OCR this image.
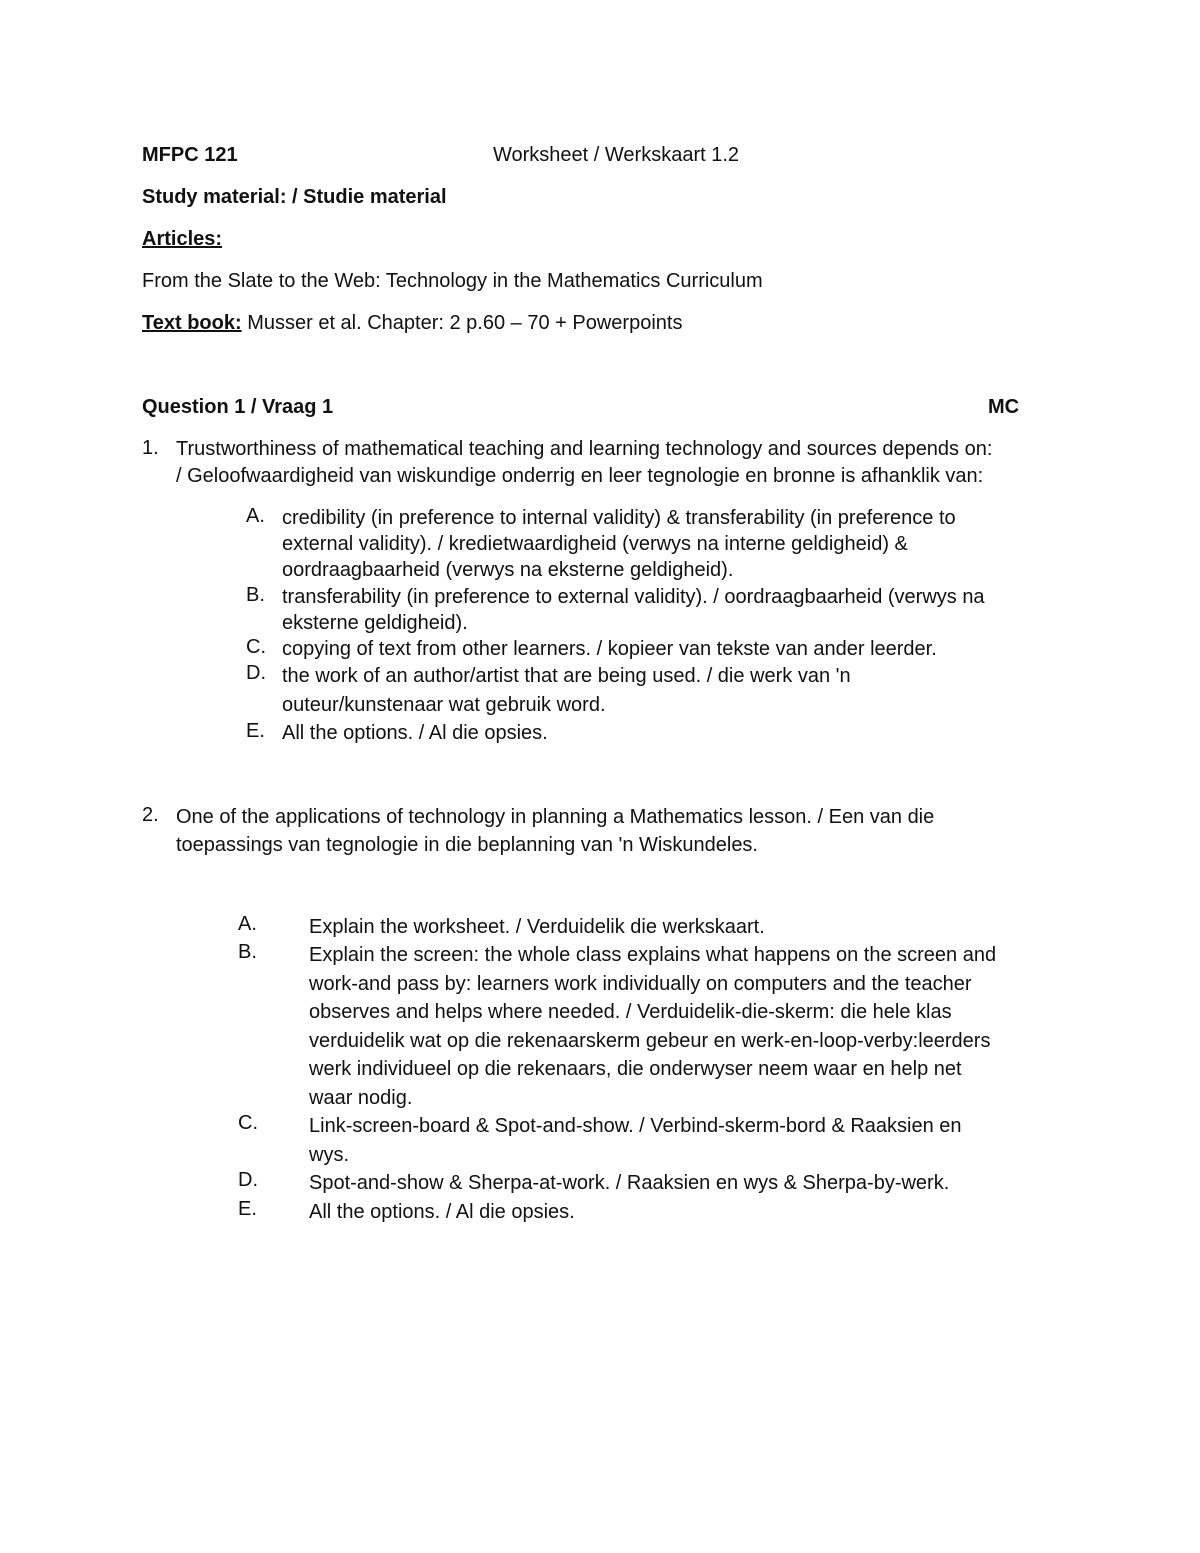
MFPC 121	Worksheet / Werkskaart 1.2
Study material: / Studie material
Articles:
From the Slate to the Web: Technology in the Mathematics Curriculum
Text book: Musser et al. Chapter: 2 p.60 – 70 + Powerpoints
Question 1 / Vraag 1	MC
1. Trustworthiness of mathematical teaching and learning technology and sources depends on:
/ Geloofwaardigheid van wiskundige onderrig en leer tegnologie en bronne is afhanklik van:
A. credibility (in preference to internal validity) & transferability (in preference to
external validity). / kredietwaardigheid (verwys na interne geldigheid) &
oordraagbaarheid (verwys na eksterne geldigheid).
B. transferability (in preference to external validity). / oordraagbaarheid (verwys na
eksterne geldigheid).
C. copying of text from other learners. / kopieer van tekste van ander leerder.
D. the work of an author/artist that are being used. / die werk van 'n
outeur/kunstenaar wat gebruik word.
E. All the options. / Al die opsies.
2. One of the applications of technology in planning a Mathematics lesson. / Een van die
toepassings van tegnologie in die beplanning van 'n Wiskundeles.
A.	Explain the worksheet. / Verduidelik die werkskaart.
B.	Explain the screen: the whole class explains what happens on the screen and
work-and pass by: learners work individually on computers and the teacher
observes and helps where needed. / Verduidelik-die-skerm: die hele klas
verduidelik wat op die rekenaarskerm gebeur en werk-en-loop-verby:leerders
werk individueel op die rekenaars, die onderwyser neem waar en help net
waar nodig.
C.	Link-screen-board & Spot-and-show. / Verbind-skerm-bord & Raaksien en
wys.
D.	Spot-and-show & Sherpa-at-work. / Raaksien en wys & Sherpa-by-werk.
E.	All the options. / Al die opsies.
